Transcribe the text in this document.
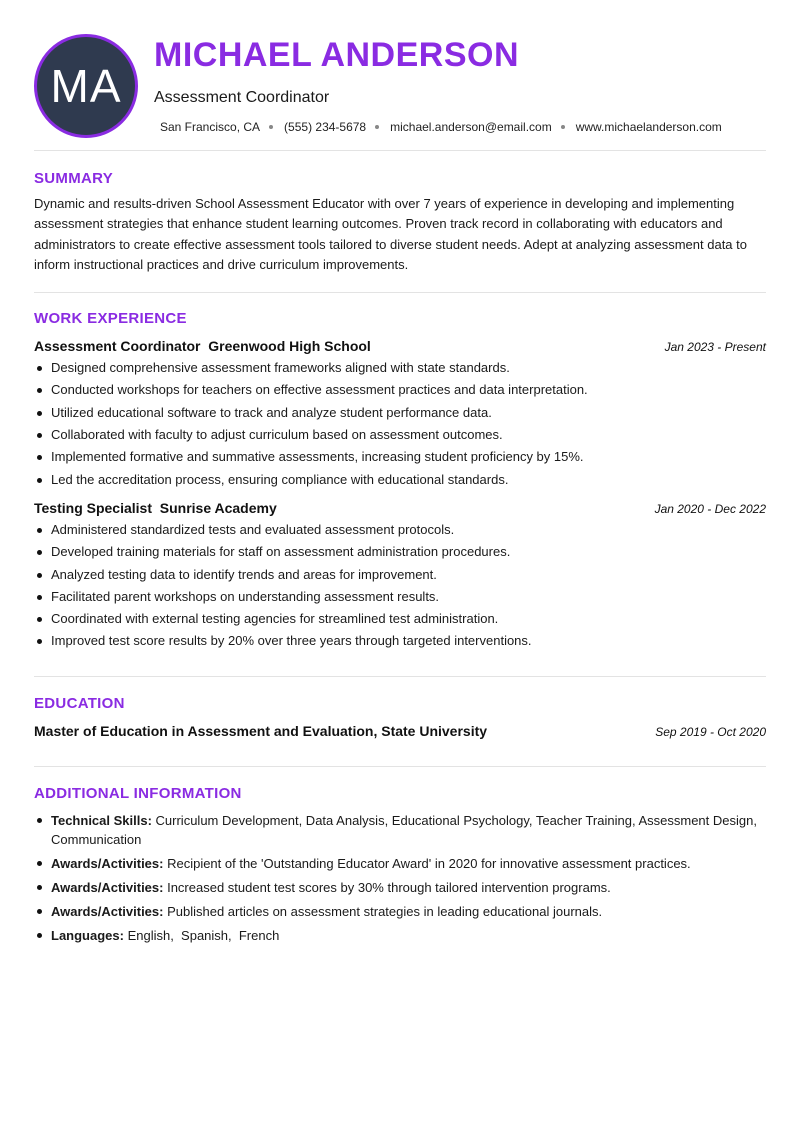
MA
MICHAEL ANDERSON
Assessment Coordinator
San Francisco, CA (555) 234-5678 michael.anderson@email.com www.michaelanderson.com
SUMMARY

Dynamic and results-driven School Assessment Educator with over 7 years of experience in developing and implementing assessment strategies that enhance student learning outcomes. Proven track record in collaborating with educators and administrators to create effective assessment tools tailored to diverse student needs. Adept at analyzing assessment data to inform instructional practices and drive curriculum improvements.

WORK EXPERIENCE
Assessment Coordinator  Greenwood High School	Jan 2023 - Present
Designed comprehensive assessment frameworks aligned with state standards.
Conducted workshops for teachers on effective assessment practices and data interpretation.
Utilized educational software to track and analyze student performance data.
Collaborated with faculty to adjust curriculum based on assessment outcomes.
Implemented formative and summative assessments, increasing student proficiency by 15%.
Led the accreditation process, ensuring compliance with educational standards.
Testing Specialist  Sunrise Academy	Jan 2020 - Dec 2022
Administered standardized tests and evaluated assessment protocols.
Developed training materials for staff on assessment administration procedures.
Analyzed testing data to identify trends and areas for improvement.
Facilitated parent workshops on understanding assessment results.
Coordinated with external testing agencies for streamlined test administration.
Improved test score results by 20% over three years through targeted interventions.
EDUCATION
Master of Education in Assessment and Evaluation, State University	Sep 2019 - Oct 2020
ADDITIONAL INFORMATION
Technical Skills: Curriculum Development, Data Analysis, Educational Psychology, Teacher Training, Assessment Design, Communication
Awards/Activities: Recipient of the 'Outstanding Educator Award' in 2020 for innovative assessment practices.
Awards/Activities: Increased student test scores by 30% through tailored intervention programs.
Awards/Activities: Published articles on assessment strategies in leading educational journals.
Languages: English,  Spanish,  French
